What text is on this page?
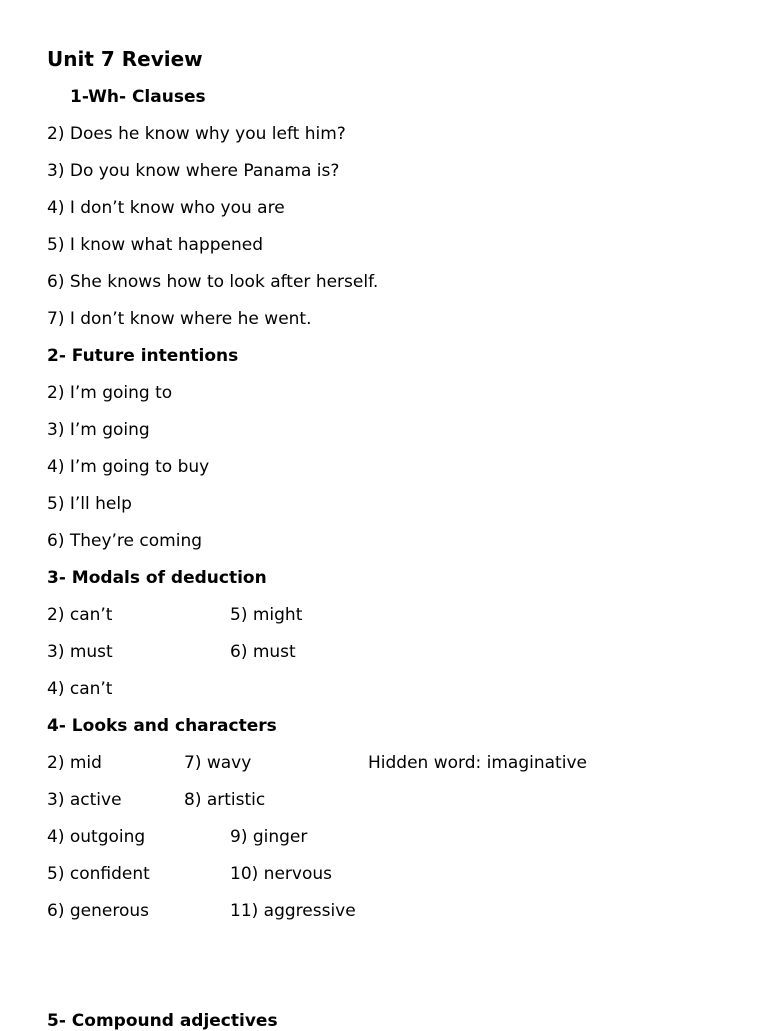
Unit 7 Review
1-Wh- Clauses
2) Does he know why you left him?
3) Do you know where Panama is?
4) I don’t know who you are
5) I know what happened
6) She knows how to look after herself.
7) I don’t know where he went.
2- Future intentions
2) I’m going to
3) I’m going
4) I’m going to buy
5) I’ll help
6) They’re coming
3- Modals of deduction
2) can’t	5) might
3) must	6) must
4) can’t
4- Looks and characters
2) mid	7) wavy	Hidden word: imaginative
3) active	8) artistic
4) outgoing	9) ginger
5) confident	10) nervous
6) generous	11) aggressive
5- Compound adjectives
